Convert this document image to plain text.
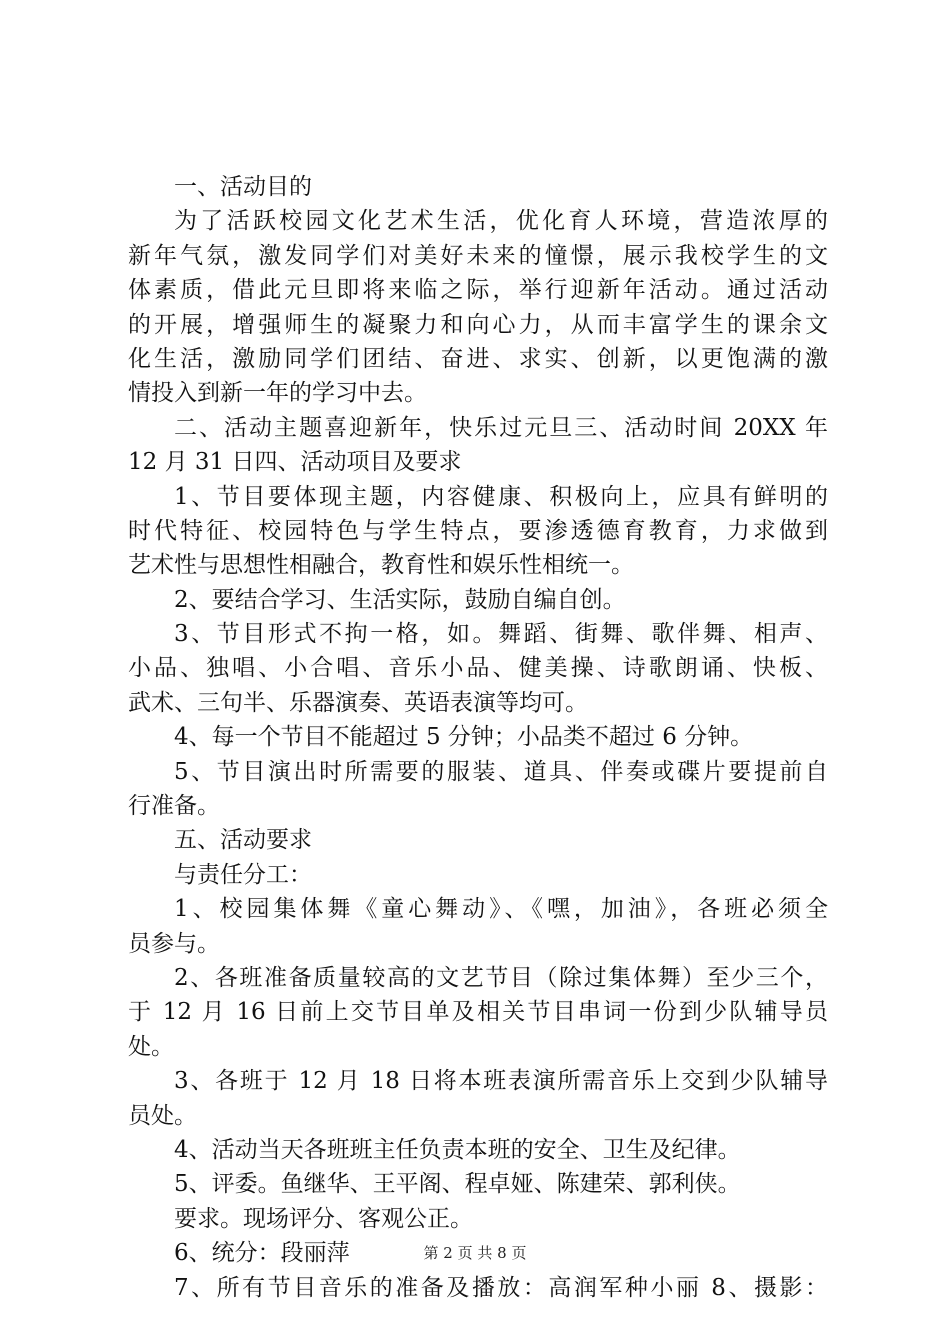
一、活动目的
为了活跃校园文化艺术生活，优化育人环境，营造浓厚的
新年气氛，激发同学们对美好未来的憧憬，展示我校学生的文
体素质，借此元旦即将来临之际，举行迎新年活动。通过活动
的开展，增强师生的凝聚力和向心力，从而丰富学生的课余文
化生活，激励同学们团结、奋进、求实、创新，以更饱满的激
情投入到新一年的学习中去。
二、活动主题喜迎新年，快乐过元旦三、活动时间 20XX 年
12 月 31 日四、活动项目及要求
1、节目要体现主题，内容健康、积极向上，应具有鲜明的
时代特征、校园特色与学生特点，要渗透德育教育，力求做到
艺术性与思想性相融合，教育性和娱乐性相统一。
2、要结合学习、生活实际，鼓励自编自创。
3、节目形式不拘一格，如。舞蹈、街舞、歌伴舞、相声、
小品、独唱、小合唱、音乐小品、健美操、诗歌朗诵、快板、
武术、三句半、乐器演奏、英语表演等均可。
4、每一个节目不能超过 5 分钟；小品类不超过 6 分钟。
5、节目演出时所需要的服装、道具、伴奏或碟片要提前自
行准备。
五、活动要求
与责任分工：
1、校园集体舞《童心舞动》、《嘿，加油》，各班必须全
员参与。
2、各班准备质量较高的文艺节目（除过集体舞）至少三个，
于 12 月 16 日前上交节目单及相关节目串词一份到少队辅导员
处。
3、各班于 12 月 18 日将本班表演所需音乐上交到少队辅导
员处。
4、活动当天各班班主任负责本班的安全、卫生及纪律。
5、评委。鱼继华、王平阁、程卓娅、陈建荣、郭利侠。
要求。现场评分、客观公正。
6、统分：段丽萍
7、所有节目音乐的准备及播放：高润军种小丽 8、摄影：
第 2 页 共 8 页
